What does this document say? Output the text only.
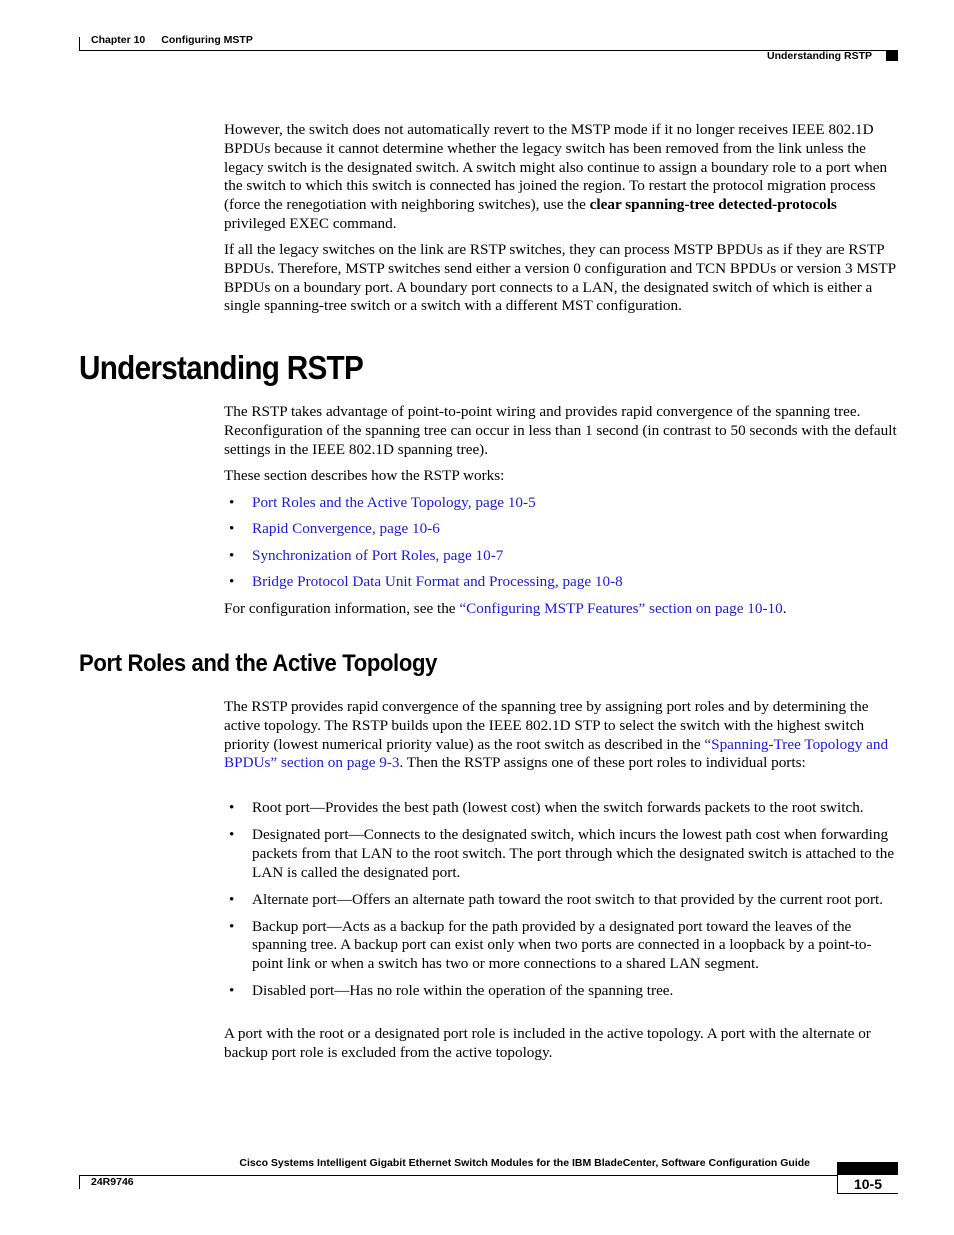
Chapter 10 Configuring MSTP
Understanding RSTP

However, the switch does not automatically revert to the MSTP mode if it no longer receives IEEE 802.1D BPDUs because it cannot determine whether the legacy switch has been removed from the link unless the legacy switch is the designated switch. A switch might also continue to assign a boundary role to a port when the switch to which this switch is connected has joined the region. To restart the protocol migration process (force the renegotiation with neighboring switches), use the clear spanning-tree detected-protocols privileged EXEC command.

If all the legacy switches on the link are RSTP switches, they can process MSTP BPDUs as if they are RSTP BPDUs. Therefore, MSTP switches send either a version 0 configuration and TCN BPDUs or version 3 MSTP BPDUs on a boundary port. A boundary port connects to a LAN, the designated switch of which is either a single spanning-tree switch or a switch with a different MST configuration.

Understanding RSTP

The RSTP takes advantage of point-to-point wiring and provides rapid convergence of the spanning tree. Reconfiguration of the spanning tree can occur in less than 1 second (in contrast to 50 seconds with the default settings in the IEEE 802.1D spanning tree).

These section describes how the RSTP works:

• Port Roles and the Active Topology, page 10-5
• Rapid Convergence, page 10-6
• Synchronization of Port Roles, page 10-7
• Bridge Protocol Data Unit Format and Processing, page 10-8

For configuration information, see the “Configuring MSTP Features” section on page 10-10.

Port Roles and the Active Topology

The RSTP provides rapid convergence of the spanning tree by assigning port roles and by determining the active topology. The RSTP builds upon the IEEE 802.1D STP to select the switch with the highest switch priority (lowest numerical priority value) as the root switch as described in the “Spanning-Tree Topology and BPDUs” section on page 9-3. Then the RSTP assigns one of these port roles to individual ports:

• Root port—Provides the best path (lowest cost) when the switch forwards packets to the root switch.
• Designated port—Connects to the designated switch, which incurs the lowest path cost when forwarding packets from that LAN to the root switch. The port through which the designated switch is attached to the LAN is called the designated port.
• Alternate port—Offers an alternate path toward the root switch to that provided by the current root port.
• Backup port—Acts as a backup for the path provided by a designated port toward the leaves of the spanning tree. A backup port can exist only when two ports are connected in a loopback by a point-to-point link or when a switch has two or more connections to a shared LAN segment.
• Disabled port—Has no role within the operation of the spanning tree.

A port with the root or a designated port role is included in the active topology. A port with the alternate or backup port role is excluded from the active topology.

Cisco Systems Intelligent Gigabit Ethernet Switch Modules for the IBM BladeCenter, Software Configuration Guide
24R9746	10-5
